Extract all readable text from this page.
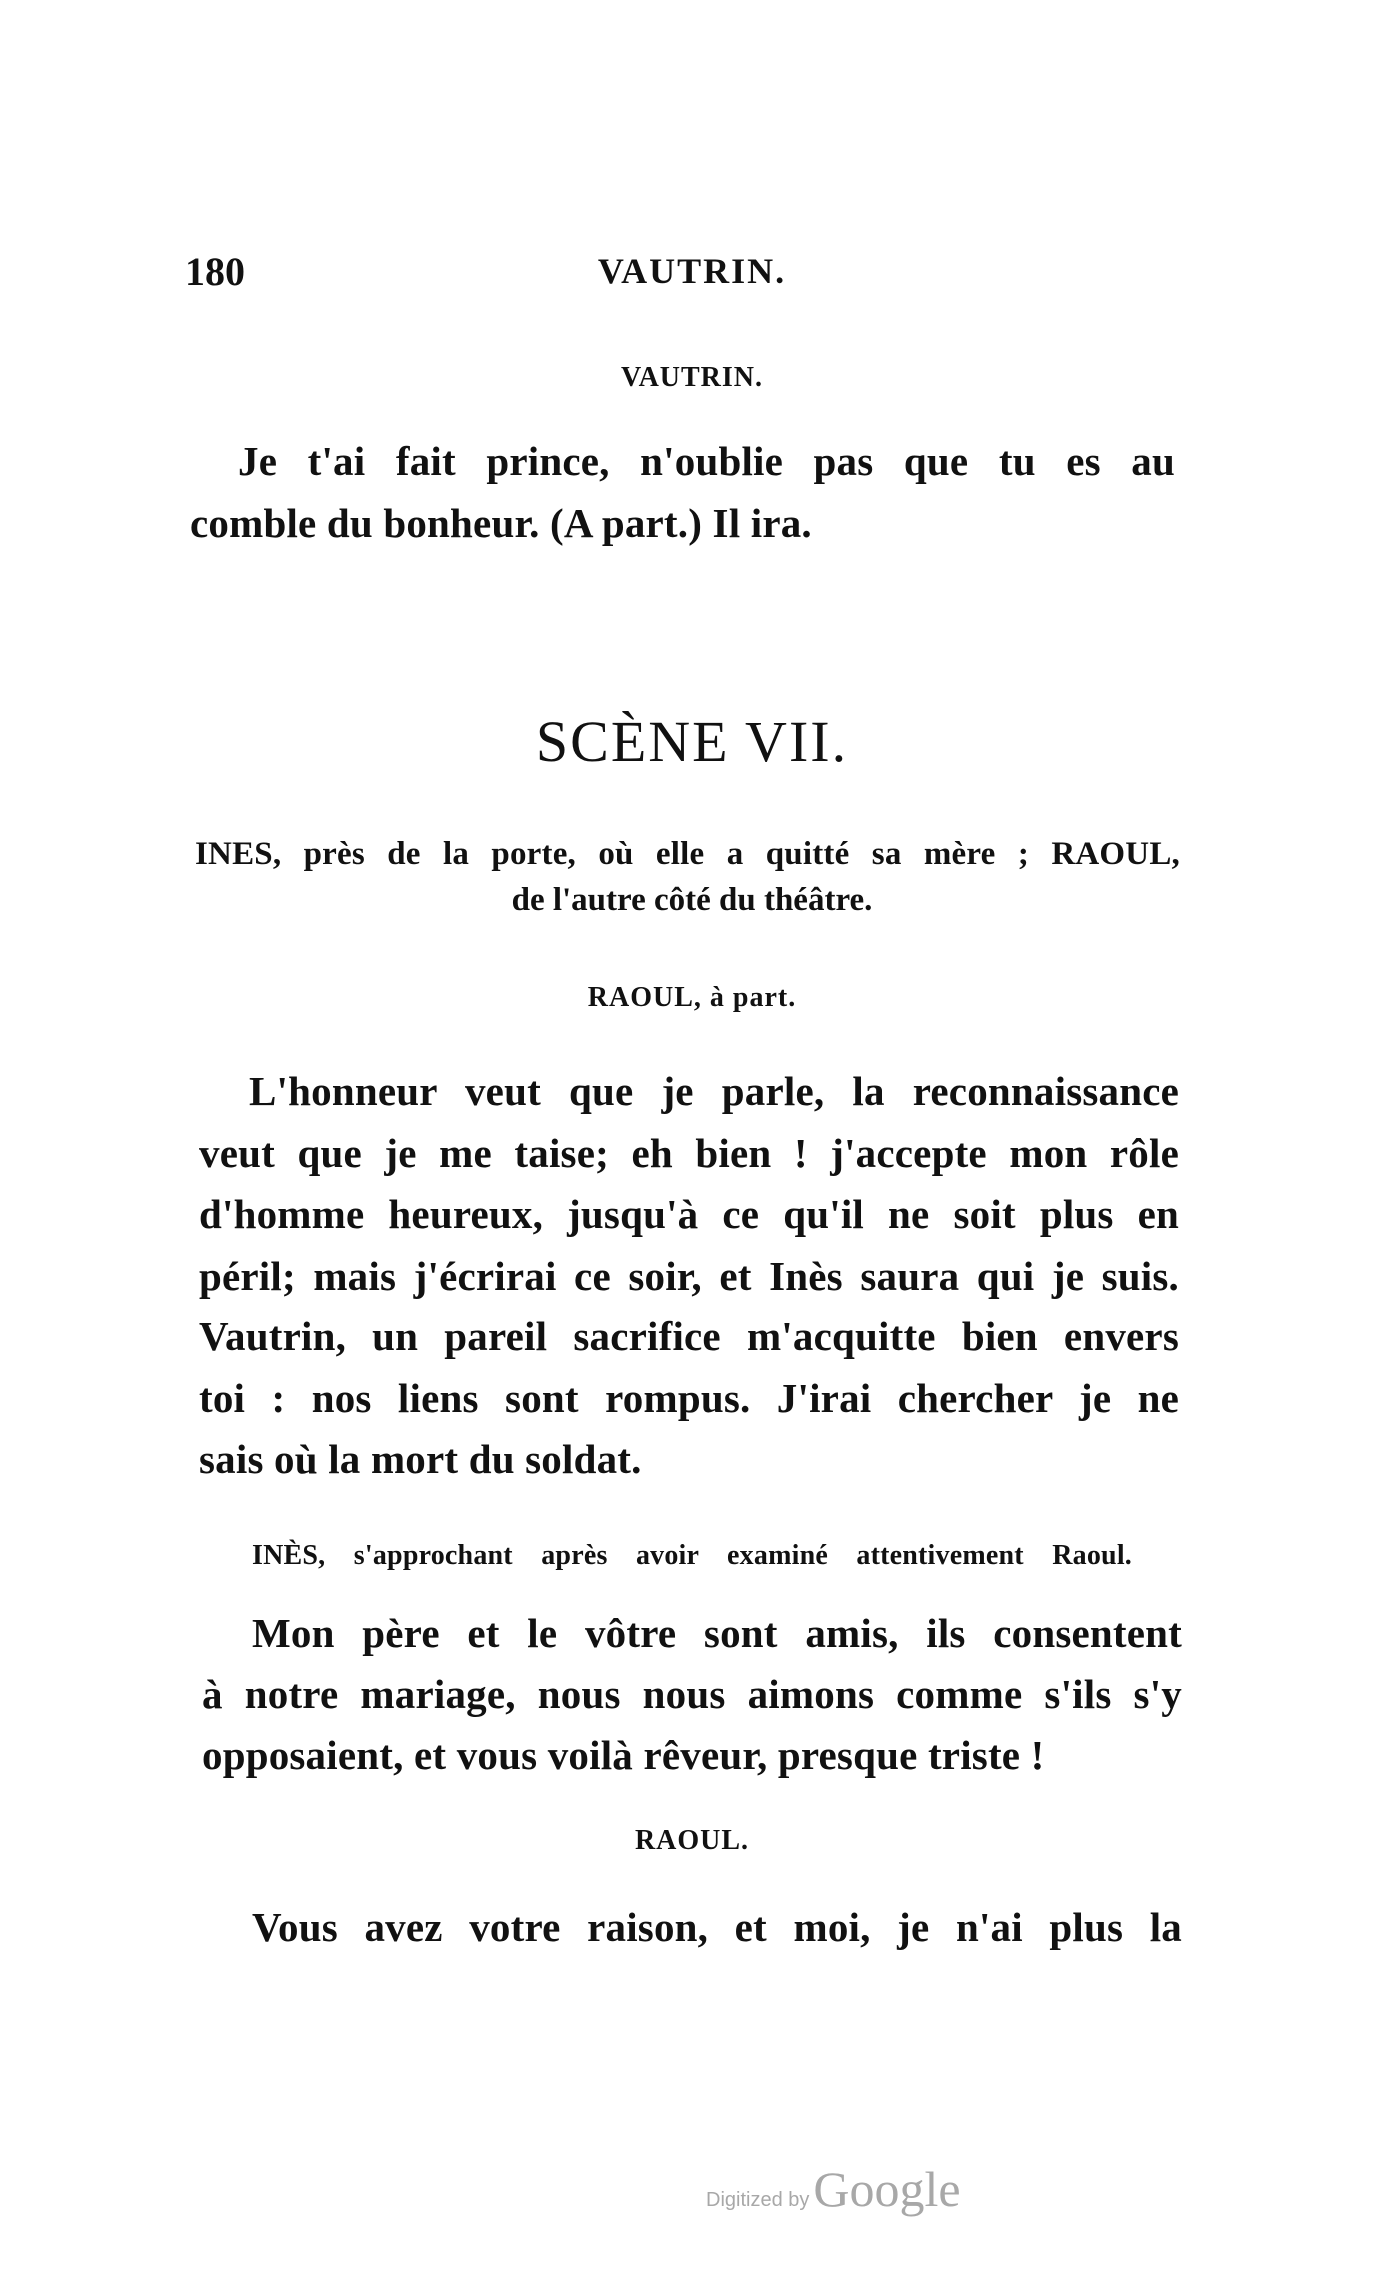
180	VAUTRIN.
VAUTRIN.
Je t'ai fait prince, n'oublie pas que tu es au
comble du bonheur. (A part.) Il ira.
SCÈNE VII.
INES, près de la porte, où elle a quitté sa mère ; RAOUL,
de l'autre côté du théâtre.
RAOUL, à part.
L'honneur veut que je parle, la reconnaissance
veut que je me taise; eh bien ! j'accepte mon rôle
d'homme heureux, jusqu'à ce qu'il ne soit plus en
péril; mais j'écrirai ce soir, et Inès saura qui je suis.
Vautrin, un pareil sacrifice m'acquitte bien envers
toi : nos liens sont rompus. J'irai chercher je ne
sais où la mort du soldat.
INÈS, s'approchant après avoir examiné attentivement Raoul.
Mon père et le vôtre sont amis, ils consentent
à notre mariage, nous nous aimons comme s'ils s'y
opposaient, et vous voilà rêveur, presque triste !
RAOUL.
Vous avez votre raison, et moi, je n'ai plus la
Digitized by Google
